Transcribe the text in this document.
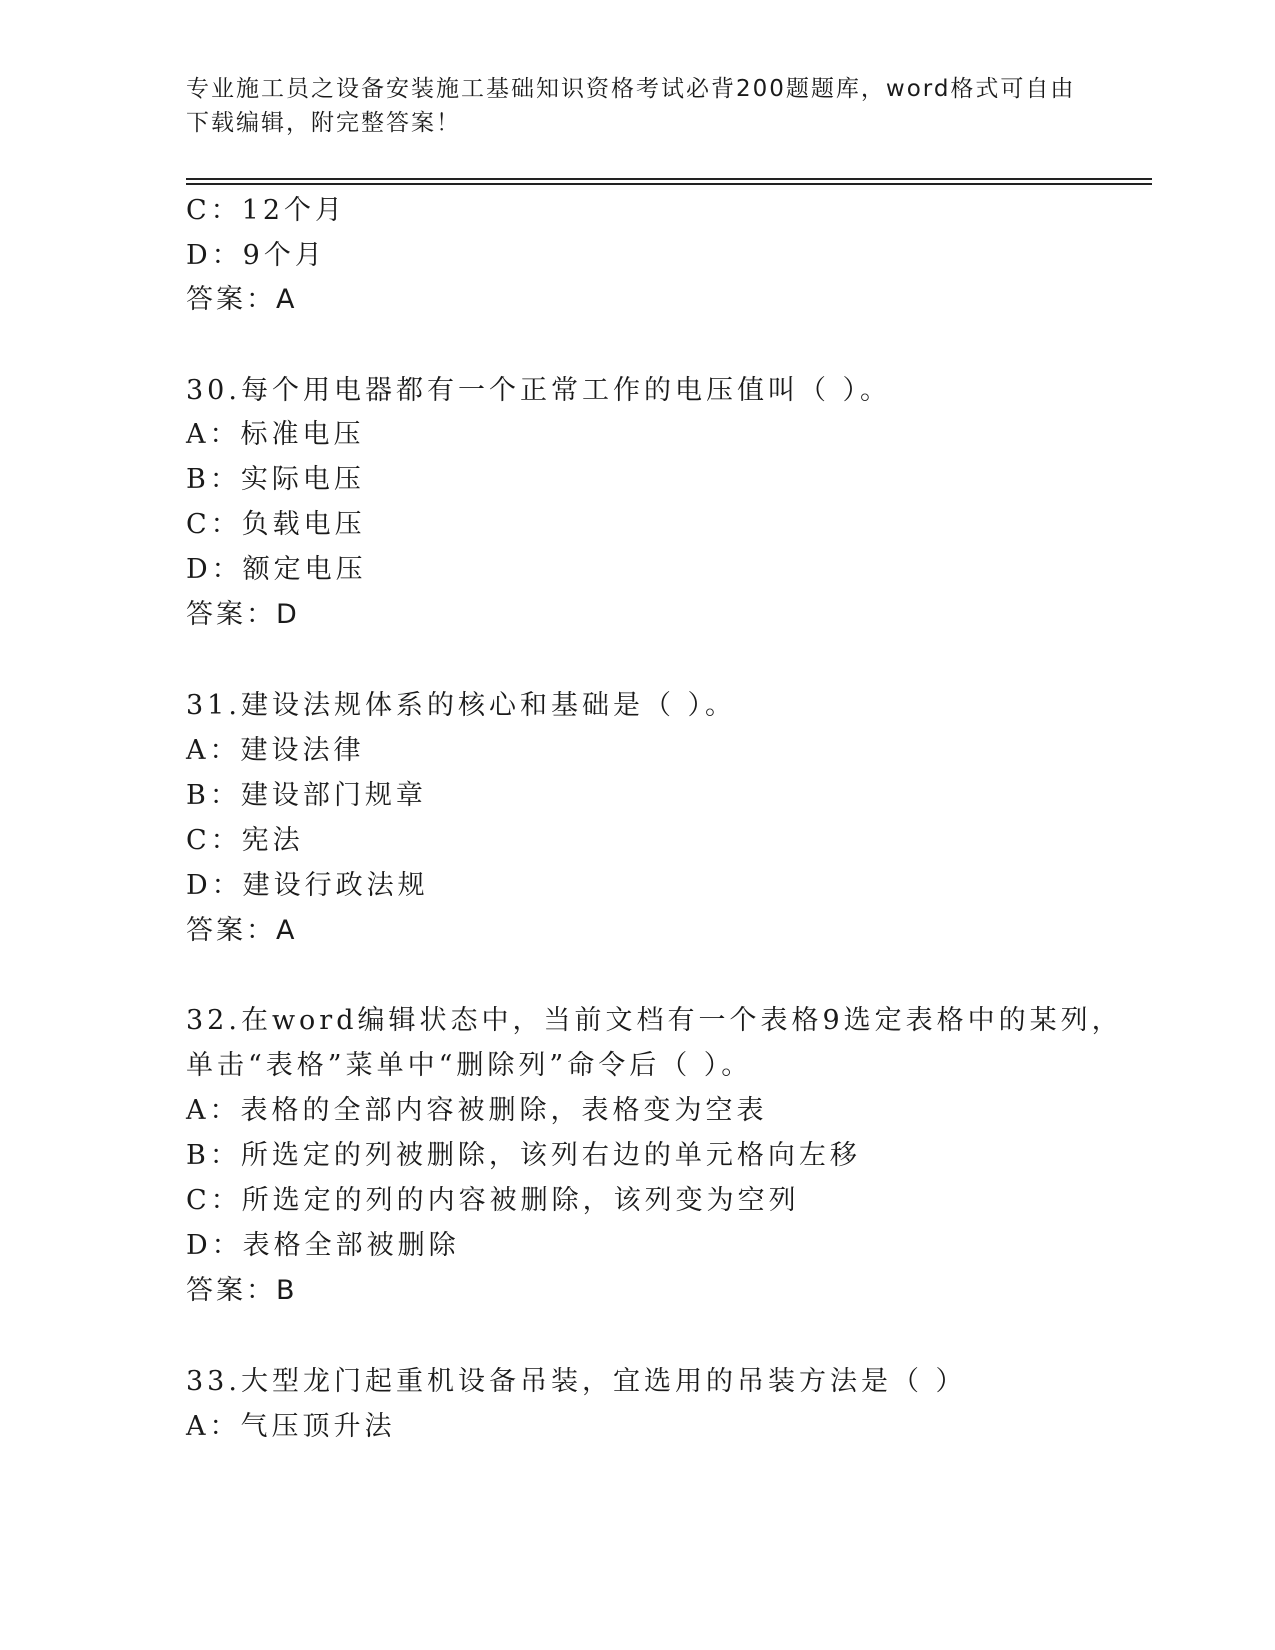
专业施工员之设备安装施工基础知识资格考试必背200题题库，word格式可自由
下载编辑，附完整答案！
C：12个月
D：9个月
答案：A
30.每个用电器都有一个正常工作的电压值叫（ ）。
A：标准电压
B：实际电压
C：负载电压
D：额定电压
答案：D
31.建设法规体系的核心和基础是（ ）。
A：建设法律
B：建设部门规章
C：宪法
D：建设行政法规
答案：A
32.在word编辑状态中，当前文档有一个表格9选定表格中的某列，
单击“表格”菜单中“删除列”命令后（ ）。
A：表格的全部内容被删除，表格变为空表
B：所选定的列被删除，该列右边的单元格向左移
C：所选定的列的内容被删除，该列变为空列
D：表格全部被删除
答案：B
33.大型龙门起重机设备吊装，宜选用的吊装方法是（ ）
A：气压顶升法
